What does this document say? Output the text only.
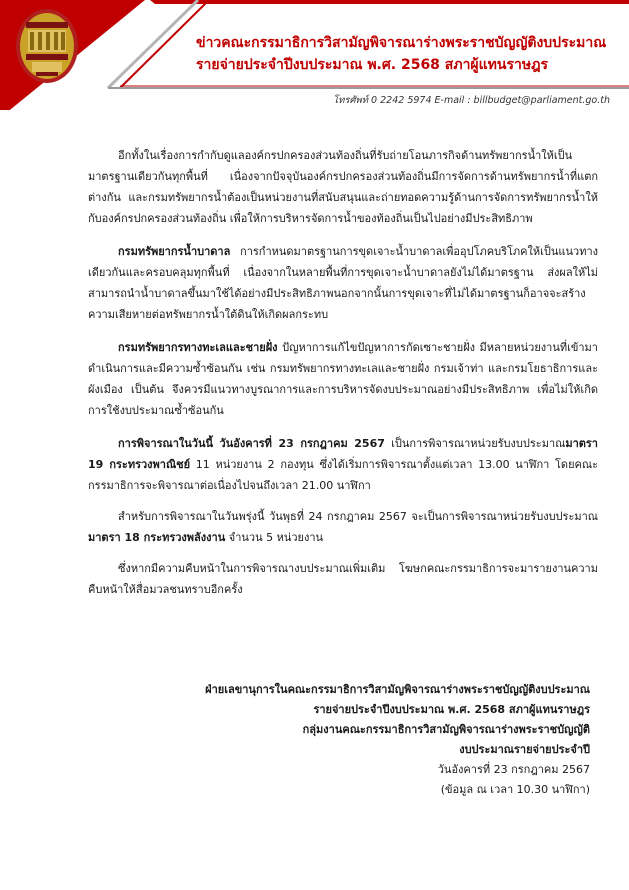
ข่าวคณะกรรมาธิการวิสามัญพิจารณาร่างพระราชบัญญัติงบประมาณ
รายจ่ายประจำปีงบประมาณ พ.ศ. 2568 สภาผู้แทนราษฎร
โทรศัพท์ 0 2242 5974 E-mail : billbudget@parliament.go.th

อีกทั้งในเรื่องการกำกับดูแลองค์กรปกครองส่วนท้องถิ่นที่รับถ่ายโอนภารกิจด้านทรัพยากรน้ำให้เป็นมาตรฐานเดียวกันทุกพื้นที่ เนื่องจากปัจจุบันองค์กรปกครองส่วนท้องถิ่นมีการจัดการด้านทรัพยากรน้ำที่แตกต่างกัน และกรมทรัพยากรน้ำต้องเป็นหน่วยงานที่สนับสนุนและถ่ายทอดความรู้ด้านการจัดการทรัพยากรน้ำให้กับองค์กรปกครองส่วนท้องถิ่น เพื่อให้การบริหารจัดการน้ำของท้องถิ่นเป็นไปอย่างมีประสิทธิภาพ

กรมทรัพยากรน้ำบาดาล การกำหนดมาตรฐานการขุดเจาะน้ำบาดาลเพื่ออุปโภคบริโภคให้เป็นแนวทางเดียวกันและครอบคลุมทุกพื้นที่ เนื่องจากในหลายพื้นที่การขุดเจาะน้ำบาดาลยังไม่ได้มาตรฐาน ส่งผลให้ไม่สามารถนำน้ำบาดาลขึ้นมาใช้ได้อย่างมีประสิทธิภาพนอกจากนั้นการขุดเจาะที่ไม่ได้มาตรฐานก็อาจจะสร้างความเสียหายต่อทรัพยากรน้ำใต้ดินให้เกิดผลกระทบ

กรมทรัพยากรทางทะเลและชายฝั่ง ปัญหาการแก้ไขปัญหาการกัดเซาะชายฝั่ง มีหลายหน่วยงานที่เข้ามาดำเนินการและมีความซ้ำซ้อนกัน เช่น กรมทรัพยากรทางทะเลและชายฝั่ง กรมเจ้าท่า และกรมโยธาธิการและผังเมือง เป็นต้น จึงควรมีแนวทางบูรณาการและการบริหารจัดงบประมาณอย่างมีประสิทธิภาพ เพื่อไม่ให้เกิดการใช้งบประมาณซ้ำซ้อนกัน

การพิจารณาในวันนี้ วันอังคารที่ 23 กรกฎาคม 2567 เป็นการพิจารณาหน่วยรับงบประมาณมาตรา 19 กระทรวงพาณิชย์ 11 หน่วยงาน 2 กองทุน ซึ่งได้เริ่มการพิจารณาตั้งแต่เวลา 13.00 นาฬิกา โดยคณะกรรมาธิการจะพิจารณาต่อเนื่องไปจนถึงเวลา 21.00 นาฬิกา

สำหรับการพิจารณาในวันพรุ่งนี้ วันพุธที่ 24 กรกฎาคม 2567 จะเป็นการพิจารณาหน่วยรับงบประมาณ มาตรา 18 กระทรวงพลังงาน จำนวน 5 หน่วยงาน

ซึ่งหากมีความคืบหน้าในการพิจารณางบประมาณเพิ่มเติม โฆษกคณะกรรมาธิการจะมารายงานความคืบหน้าให้สื่อมวลชนทราบอีกครั้ง

ฝ่ายเลขานุการในคณะกรรมาธิการวิสามัญพิจารณาร่างพระราชบัญญัติงบประมาณ
รายจ่ายประจำปีงบประมาณ พ.ศ. 2568 สภาผู้แทนราษฎร
กลุ่มงานคณะกรรมาธิการวิสามัญพิจารณาร่างพระราชบัญญัติ
งบประมาณรายจ่ายประจำปี
วันอังคารที่ 23 กรกฎาคม 2567
(ข้อมูล ณ เวลา 10.30 นาฬิกา)
